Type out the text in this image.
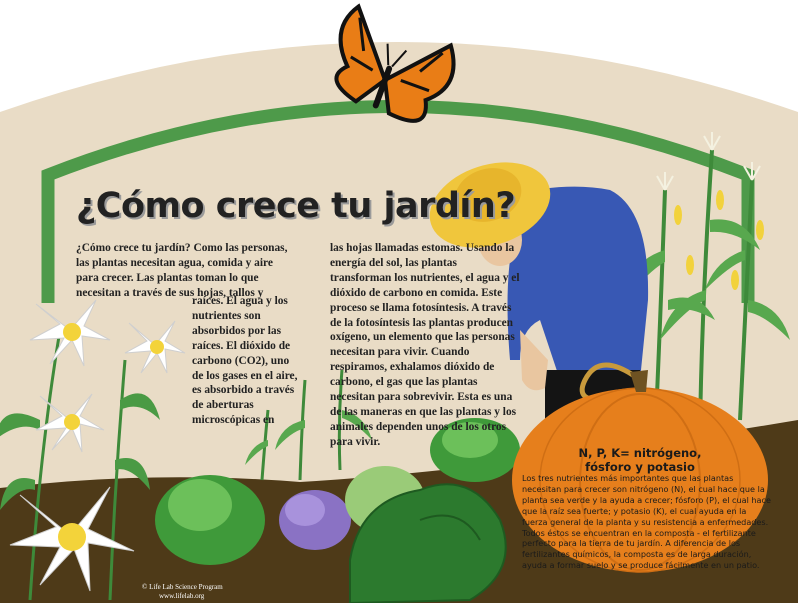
¿Cómo crece tu jardín?

¿Cómo crece tu jardín? Como las personas, las plantas necesitan agua, comida y aire para crecer. Las plantas toman lo que necesitan a través de sus hojas, tallos y

raíces. El agua y los nutrientes son absorbidos por las raíces. El dióxido de carbono (CO2), uno de los gases en el aire, es absorbido a través de aberturas microscópicas en

las hojas llamadas estomas. Usando la energía del sol, las plantas transforman los nutrientes, el agua y el dióxido de carbono en comida. Este proceso se llama fotosíntesis. A través de la fotosíntesis las plantas producen oxígeno, un elemento que las personas necesitan para vivir. Cuando respiramos, exhalamos dióxido de carbono, el gas que las plantas necesitan para sobrevivir. Esta es una de las maneras en que las plantas y los animales dependen unos de los otros para vivir.

N, P, K= nitrógeno,
fósforo y potasio

Los tres nutrientes más importantes que las plantas necesitan para crecer son nitrógeno (N), el cual hace que la planta sea verde y la ayuda a crecer; fósforo (P), el cual hace que la raíz sea fuerte; y potasio (K), el cual ayuda en la fuerza general de la planta y su resistencia a enfermedades. Todos éstos se encuentran en la composta - el fertilizante perfecto para la tierra de tu jardín. A diferencia de los fertilizantes químicos, la composta es de larga duración, ayuda a formar suelo y se produce fácilmente en un patio.

© Life Lab Science Program
www.lifelab.org
